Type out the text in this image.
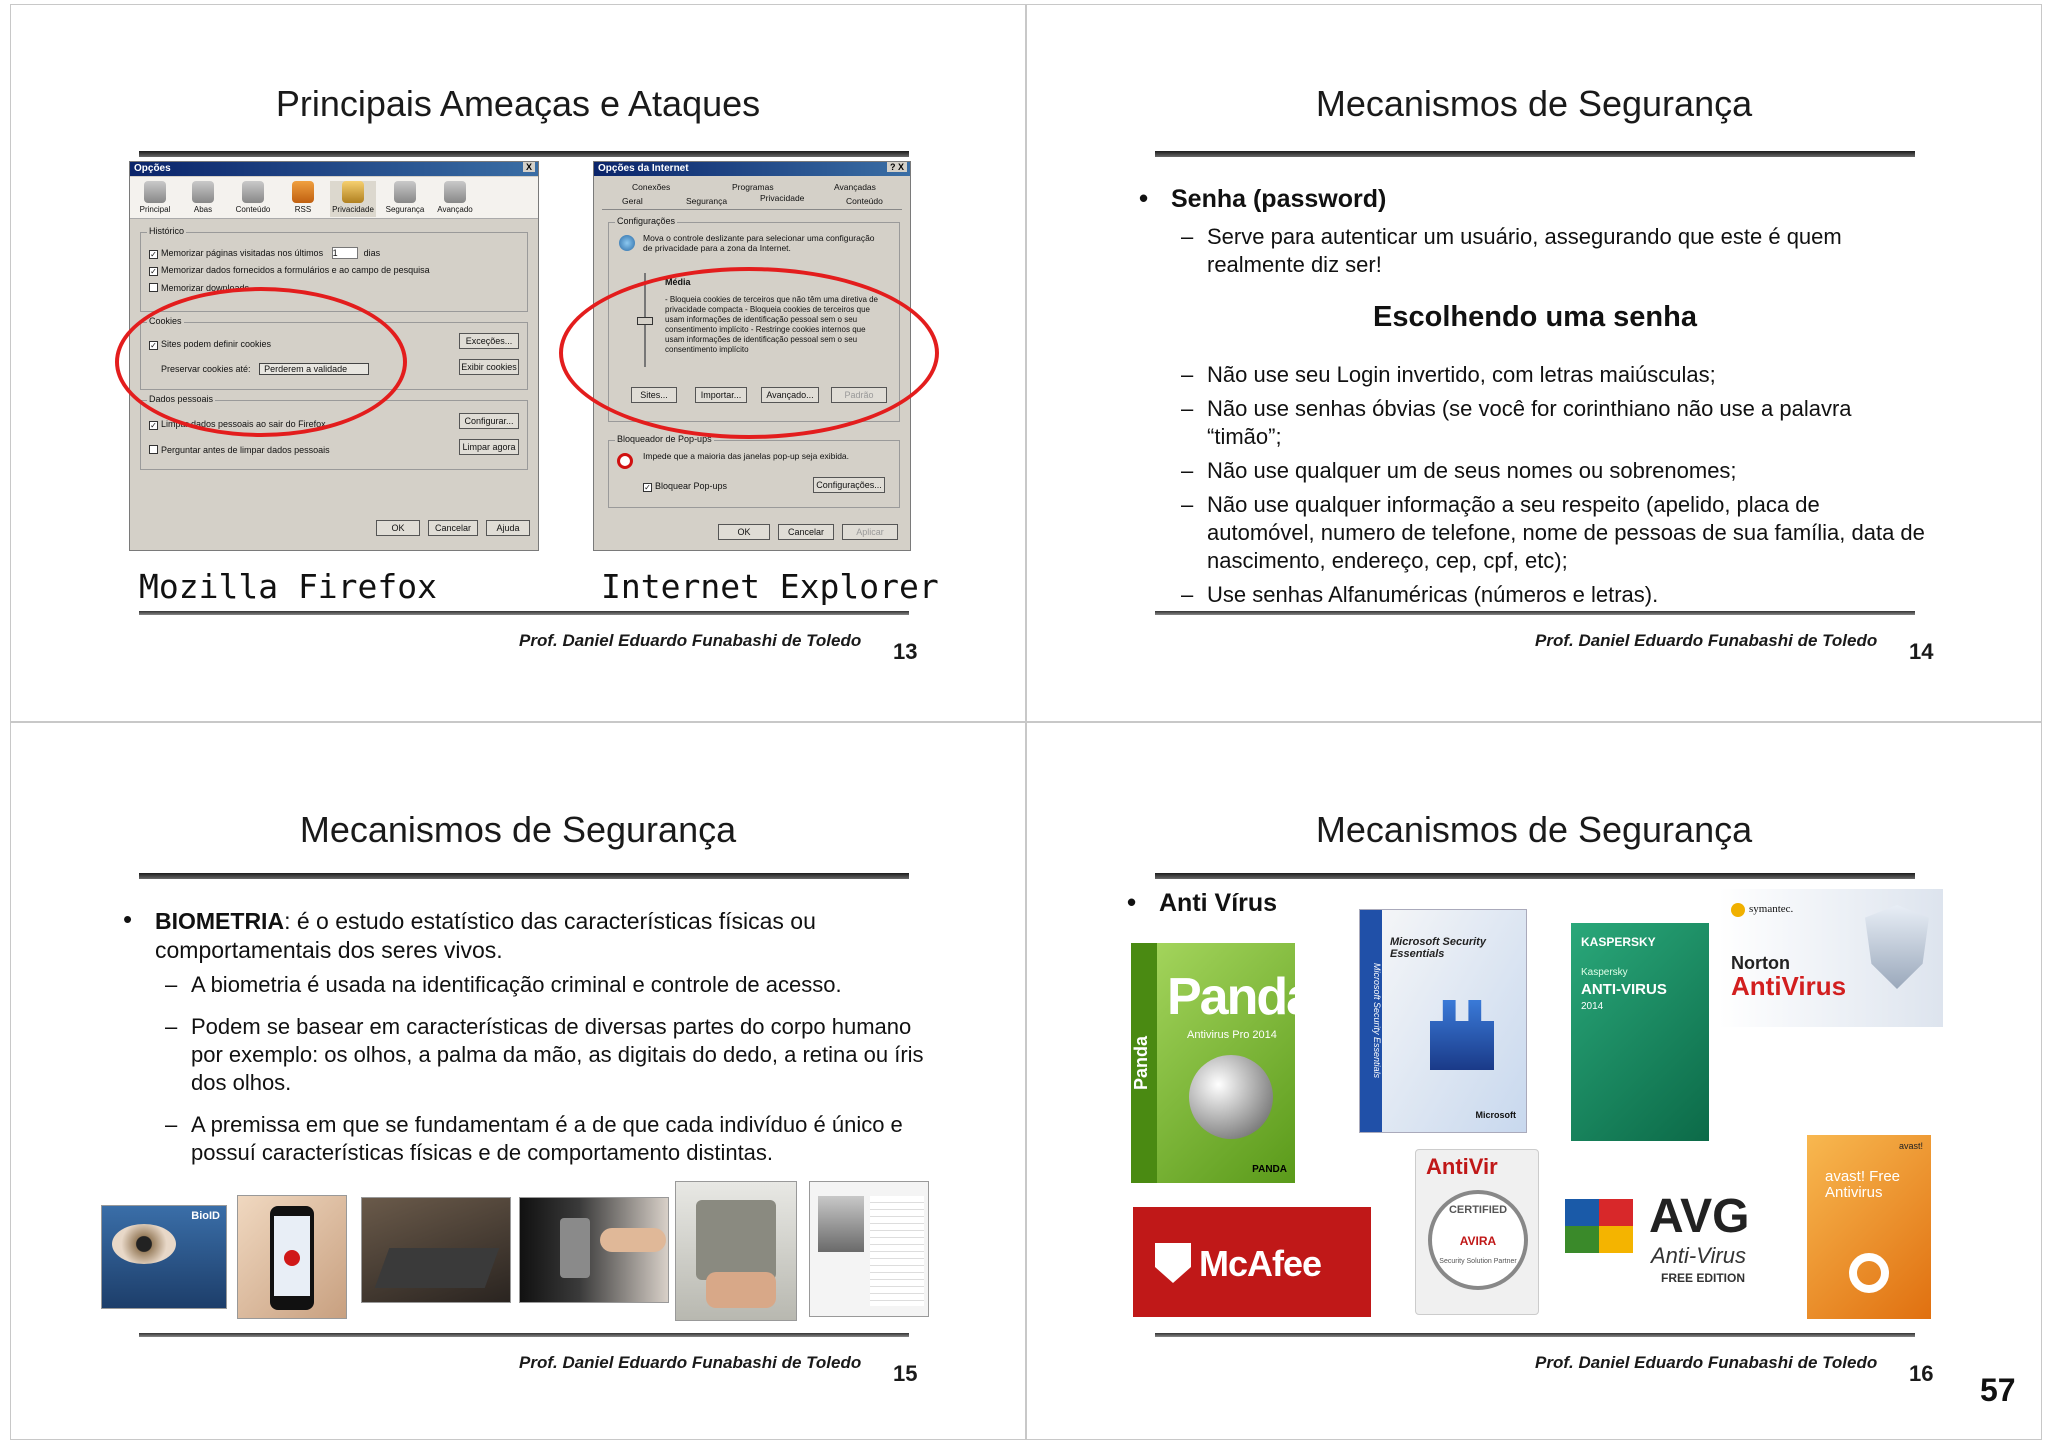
Principais Ameaças e Ataques
Opções	X
Principal	Abas	Conteúdo	RSS	Privacidade	Segurança	Avançado
Histórico
✓ Memorizar páginas visitadas nos últimos 1	dias
✓ Memorizar dados fornecidos a formulários e ao campo de pesquisa
Memorizar downloads
Cookies
✓ Sites podem definir cookies
Preservar cookies até: Perderem a validade
Exceções...
Exibir cookies
Dados pessoais
✓ Limpar dados pessoais ao sair do Firefox
Perguntar antes de limpar dados pessoais
Configurar...
Limpar agora
OK	Cancelar	Ajuda
Opções da Internet	? X
Conexões	Programas	Avançadas
Geral	Segurança	Privacidade	Conteúdo
Configurações
Mova o controle deslizante para selecionar uma configuração de privacidade para a zona da Internet.
Média
- Bloqueia cookies de terceiros que não têm uma diretiva de privacidade compacta - Bloqueia cookies de terceiros que usam informações de identificação pessoal sem o seu consentimento implícito - Restringe cookies internos que usam informações de identificação pessoal sem o seu consentimento implícito
Sites...	Importar...	Avançado...	Padrão
Bloqueador de Pop-ups
Impede que a maioria das janelas pop-up seja exibida.
✓ Bloquear Pop-ups	Configurações...
OK	Cancelar	Aplicar
Mozilla Firefox	Internet Explorer
Prof. Daniel Eduardo Funabashi de Toledo 13
Mecanismos de Segurança
• Senha (password)
– Serve para autenticar um usuário, assegurando que este é quem realmente diz ser!
Escolhendo uma senha
– Não use seu Login invertido, com letras maiúsculas;
– Não use senhas óbvias (se você for corinthiano não use a palavra “timão”;
– Não use qualquer um de seus nomes ou sobrenomes;
– Não use qualquer informação a seu respeito (apelido, placa de automóvel, numero de telefone, nome de pessoas de sua família, data de nascimento, endereço, cep, cpf, etc);
– Use senhas Alfanuméricas (números e letras).
Prof. Daniel Eduardo Funabashi de Toledo 14
Mecanismos de Segurança
• BIOMETRIA: é o estudo estatístico das características físicas ou comportamentais dos seres vivos.
– A biometria é usada na identificação criminal e controle de acesso.
– Podem se basear em características de diversas partes do corpo humano por exemplo: os olhos, a palma da mão, as digitais do dedo, a retina ou íris dos olhos.
– A premissa em que se fundamentam é a de que cada indivíduo é único e possuí características físicas e de comportamento distintas.
BioID
Prof. Daniel Eduardo Funabashi de Toledo 15
Mecanismos de Segurança
• Anti Vírus
Panda
Panda
Antivirus Pro 2014
PANDA
Microsoft Security Essentials
Microsoft Security Essentials
Microsoft
KASPERSKY
Kaspersky
ANTI-VIRUS
2014
symantec.
Norton
AntiVirus
McAfee
AntiVir
CERTIFIED
AVIRA
Security Solution Partner
AVG
Anti-Virus
FREE EDITION
avast!
avast! Free Antivirus
Prof. Daniel Eduardo Funabashi de Toledo 16 57
